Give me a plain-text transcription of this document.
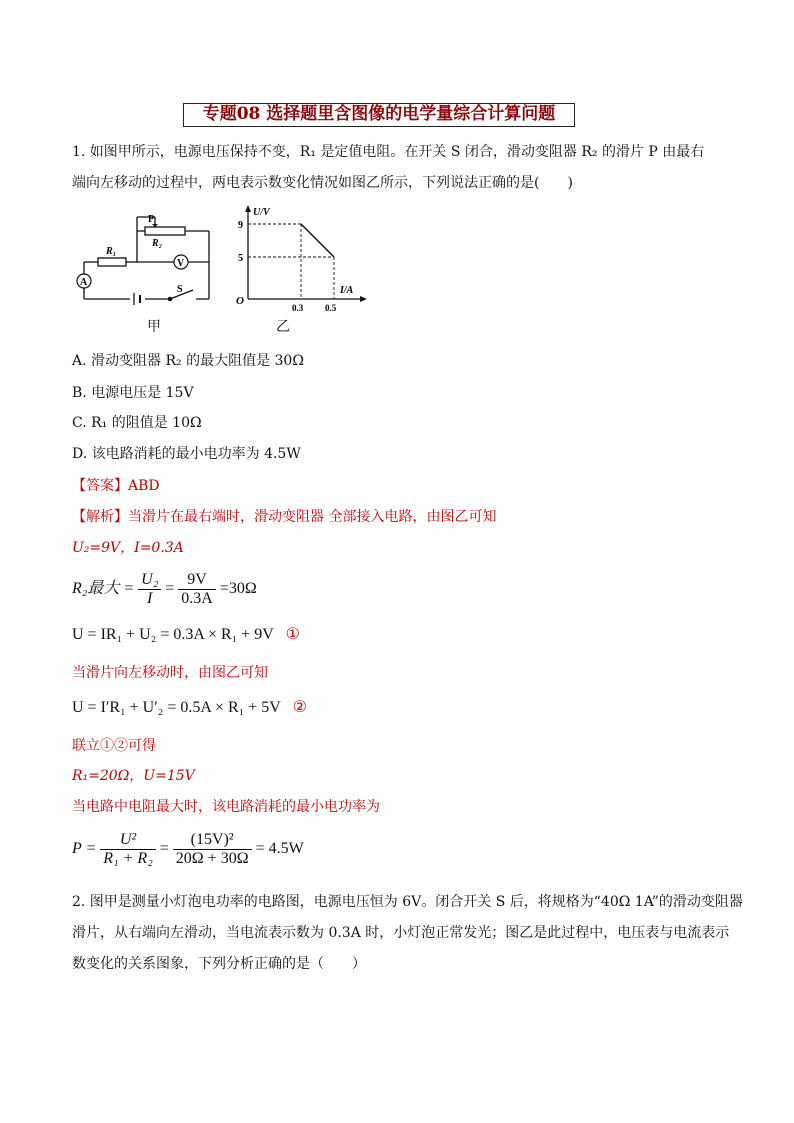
专题08 选择题里含图像的电学量综合计算问题
1. 如图甲所示，电源电压保持不变，R₁ 是定值电阻。在开关 S 闭合，滑动变阻器 R₂ 的滑片 P 由最右
端向左移动的过程中，两电表示数变化情况如图乙所示，下列说法正确的是(　　)
A
V
P
R₁
R₂
S
U/V
I/A
O
9
5
0.3 0.5
甲	乙
A. 滑动变阻器 R₂ 的最大阻值是 30Ω
B. 电源电压是 15V
C. R₁ 的阻值是 10Ω
D. 该电路消耗的最小电功率为 4.5W
【答案】ABD
【解析】当滑片在最右端时，滑动变阻器 全部接入电路，由图乙可知
U₂=9V，I=0.3A
R₂最大 = $\frac{\text{U₂}}{I} = \frac{9V}{0.3A} =30\Omega$
U = IR₁ + U₂ = 0.3A × R₁ + 9V ①
当滑片向左移动时，由图乙可知
U = I′R₁ + U′₂ = 0.5A × R₁ + 5V ②
联立①②可得
R₁=20Ω，U=15V
当电路中电阻最大时，该电路消耗的最小电功率为
$P = \frac{\text{U²}}{\text{R₁ + R₂}} = \frac{\text{(15V)²}}{20\Omega + 30\Omega} = 4.5W$
2. 图甲是测量小灯泡电功率的电路图，电源电压恒为 6V。闭合开关 S 后，将规格为“40Ω 1A”的滑动变阻器
滑片，从右端向左滑动，当电流表示数为 0.3A 时，小灯泡正常发光；图乙是此过程中，电压表与电流表示
数变化的关系图象，下列分析正确的是（　　）
